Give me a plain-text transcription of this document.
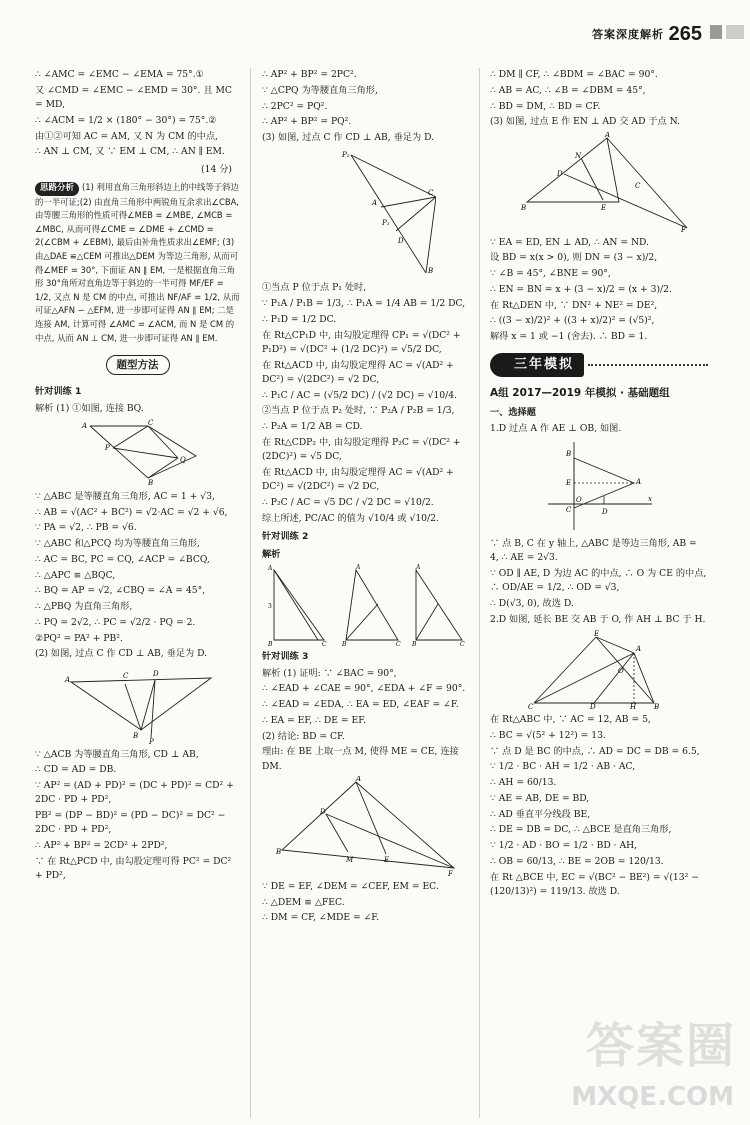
答案深度解析 265

∴ ∠AMC = ∠EMC − ∠EMA = 75°.①

又 ∠CMD = ∠EMC − ∠EMD = 30°. 且 MC = MD,

∴ ∠ACM = 1/2 × (180° − 30°) = 75°.②

由①②可知 AC = AM, 又 N 为 CM 的中点,

∴ AN ⊥ CM, 又 ∵ EM ⊥ CM, ∴ AN ∥ EM.

(14 分)
思路分析 (1) 利用直角三角形斜边上的中线等于斜边的一半可证;(2) 由直角三角形中两锐角互余求出∠CBA, 由等腰三角形的性质可得∠MEB = ∠MBE, ∠MCB = ∠MBC, 从而可得∠CME = ∠DME + ∠CMD = 2(∠CBM + ∠EBM), 最后由补角性质求出∠EMF; (3) 由△DAE ≌△CEM 可推出△DEM 为等边三角形, 从而可得∠MEF = 30°, 下面证 AN ∥ EM, 一是根据直角三角形 30°角所对直角边等于斜边的一半可得 MF/EF = 1/2, 又点 N 是 CM 的中点, 可推出 NF/AF = 1/2, 从而可证△AFN ∽ △EFM, 进一步即可证得 AN ∥ EM; 二是连接 AM, 计算可得 ∠AMC = ∠ACM, 而 N 是 CM 的中点, 从而 AN ⊥ CM, 进一步即可证得 AN ∥ EM.
题型方法
针对训练 1

解析 (1) ①如图, 连接 BQ.

A	C
P
Q
B

∵ △ABC 是等腰直角三角形, AC = 1 + √3,

∴ AB = √(AC² + BC²) = √2·AC = √2 + √6,

∵ PA = √2, ∴ PB = √6.

∵ △ABC 和△PCQ 均为等腰直角三角形,

∴ AC = BC, PC = CQ, ∠ACP = ∠BCQ,

∴ △APC ≌ △BQC,

∴ BQ = AP = √2, ∠CBQ = ∠A = 45°,

∴ △PBQ 为直角三角形,

∴ PQ = 2√2, ∴ PC = √2/2 · PQ = 2.

②PQ² = PA² + PB².

(2) 如图, 过点 C 作 CD ⊥ AB, 垂足为 D.

A	C	D
B
P

∵ △ACB 为等腰直角三角形, CD ⊥ AB,

∴ CD = AD = DB.

∵ AP² = (AD + PD)² = (DC + PD)² = CD² + 2DC · PD + PD²,

PB² = (DP − BD)² = (PD − DC)² = DC² − 2DC · PD + PD²,

∴ AP² + BP² = 2CD² + 2PD²,

∵ 在 Rt△PCD 中, 由勾股定理可得 PC² = DC² + PD²,

∴ AP² + BP² = 2PC².

∵ △CPQ 为等腰直角三角形,

∴ 2PC² = PQ².

∴ AP² + BP² = PQ².

(3) 如图, 过点 C 作 CD ⊥ AB, 垂足为 D.

P₂
A
P₁
D
C
B

①当点 P 位于点 P₁ 处时,

∵ P₁A / P₁B = 1/3, ∴ P₁A = 1/4 AB = 1/2 DC,

∴ P₁D = 1/2 DC.

在 Rt△CP₁D 中, 由勾股定理得 CP₁ = √(DC² + P₁D²) = √(DC² + (1/2 DC)²) = √5/2 DC,

在 Rt△ACD 中, 由勾股定理得 AC = √(AD² + DC²) = √(2DC²) = √2 DC,

∴ P₁C / AC = (√5/2 DC) / (√2 DC) = √10/4.

②当点 P 位于点 P₂ 处时, ∵ P₂A / P₂B = 1/3,

∴ P₂A = 1/2 AB = CD.

在 Rt△CDP₂ 中, 由勾股定理得 P₂C = √(DC² + (2DC)²) = √5 DC,

在 Rt△ACD 中, 由勾股定理得 AC = √(AD² + DC²) = √(2DC²) = √2 DC,

∴ P₂C / AC = √5 DC / √2 DC = √10/2.

综上所述, PC/AC 的值为 √10/4 或 √10/2.

针对训练 2
解析
3
A
B	C
A
B	C
A
B	C
针对训练 3

解析 (1) 证明: ∵ ∠BAC = 90°,

∴ ∠EAD + ∠CAE = 90°, ∠EDA + ∠F = 90°.

∴ ∠EAD = ∠EDA, ∴ EA = ED, ∠EAF = ∠F.

∴ EA = EF, ∴ DE = EF.

(2) 结论: BD = CF.

理由: 在 BE 上取一点 M, 使得 ME = CE, 连接 DM.

A
D
B
M	E
F

∵ DE = EF, ∠DEM = ∠CEF, EM = EC.

∴ △DEM ≌ △FEC.

∴ DM = CF, ∠MDE = ∠F.

∴ DM ∥ CF, ∴ ∠BDM = ∠BAC = 90°.

∴ AB = AC, ∴ ∠B = ∠DBM = 45°,

∴ BD = DM, ∴ BD = CF.

(3) 如图, 过点 E 作 EN ⊥ AD 交 AD 于点 N.

A
N
D
B	E
C
F

∵ EA = ED, EN ⊥ AD, ∴ AN = ND.

设 BD = x(x > 0), 则 DN = (3 − x)/2,

∵ ∠B = 45°, ∠BNE = 90°,

∴ EN = BN = x + (3 − x)/2 = (x + 3)/2.

在 Rt△DEN 中, ∵ DN² + NE² = DE²,

∴ ((3 − x)/2)² + ((3 + x)/2)² = (√5)²,

解得 x = 1 或 −1 (舍去). ∴ BD = 1.

三年模拟
A组 2017—2019 年模拟 · 基础题组
一、选择题

1.D 过点 A 作 AE ⊥ OB, 如图.

B
E
C
A
D
x
O

∵ 点 B, C 在 y 轴上, △ABC 是等边三角形, AB = 4, ∴ AE = 2√3.

∵ OD ∥ AE, D 为边 AC 的中点, ∴ O 为 CE 的中点, ∴ OD/AE = 1/2, ∴ OD = √3,

∴ D(√3, 0), 故选 D.

2.D 如图, 延长 BE 交 AB 于 O, 作 AH ⊥ BC 于 H.

E
A
C	D	H	B
O

在 Rt△ABC 中, ∵ AC = 12, AB = 5,

∴ BC = √(5² + 12²) = 13.

∵ 点 D 是 BC 的中点, ∴ AD = DC = DB = 6.5,

∵ 1/2 · BC · AH = 1/2 · AB · AC,

∴ AH = 60/13.

∵ AE = AB, DE = BD,

∴ AD 垂直平分线段 BE,

∴ DE = DB = DC, ∴ △BCE 是直角三角形,

∵ 1/2 · AD · BO = 1/2 · BD · AH,

∴ OB = 60/13, ∴ BE = 2OB = 120/13.

在 Rt △BCE 中, EC = √(BC² − BE²) = √(13² − (120/13)²) = 119/13. 故选 D.

答案圈
MXQE.COM
